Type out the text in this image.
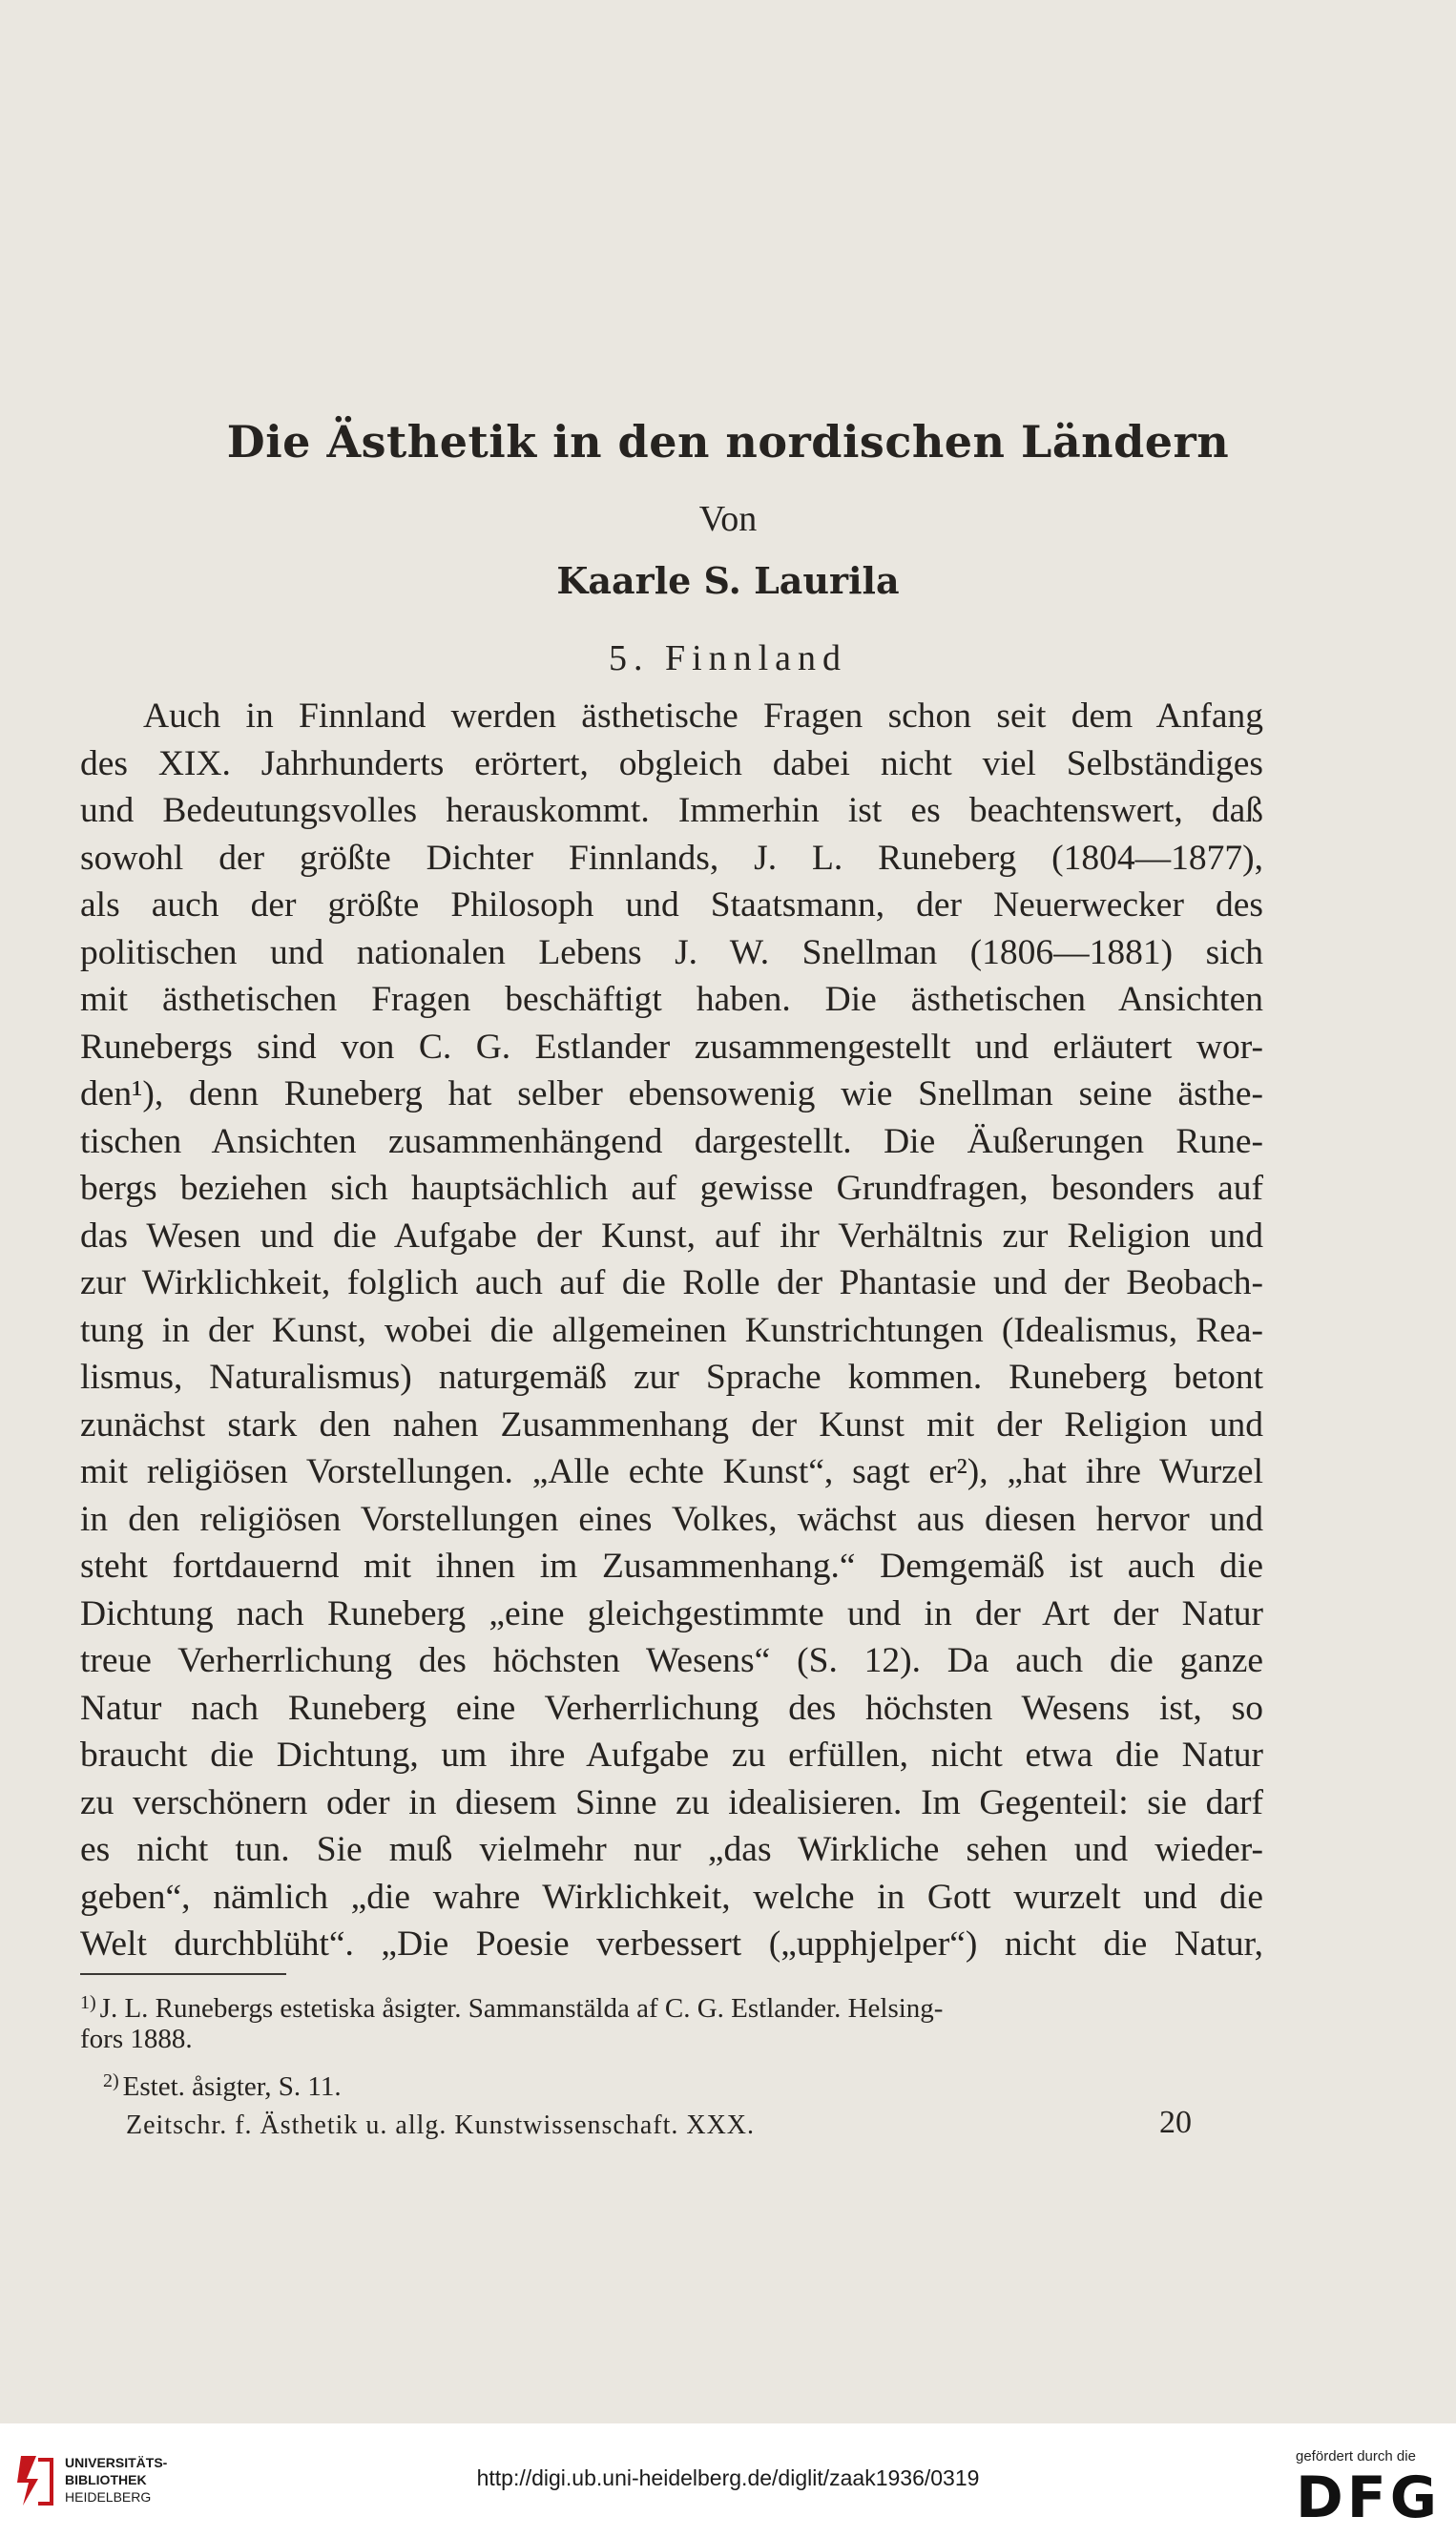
Die Ästhetik in den nordischen Ländern
Von
Kaarle S. Laurila
5. Finnland
Auch in Finnland werden ästhetische Fragen schon seit dem Anfang
des XIX. Jahrhunderts erörtert, obgleich dabei nicht viel Selbständiges
und Bedeutungsvolles herauskommt. Immerhin ist es beachtenswert, daß
sowohl der größte Dichter Finnlands, J. L. Runeberg (1804—1877),
als auch der größte Philosoph und Staatsmann, der Neuerwecker des
politischen und nationalen Lebens J. W. Snellman (1806—1881) sich
mit ästhetischen Fragen beschäftigt haben. Die ästhetischen Ansichten
Runebergs sind von C. G. Estlander zusammengestellt und erläutert wor-
den¹), denn Runeberg hat selber ebensowenig wie Snellman seine ästhe-
tischen Ansichten zusammenhängend dargestellt. Die Äußerungen Rune-
bergs beziehen sich hauptsächlich auf gewisse Grundfragen, besonders auf
das Wesen und die Aufgabe der Kunst, auf ihr Verhältnis zur Religion und
zur Wirklichkeit, folglich auch auf die Rolle der Phantasie und der Beobach-
tung in der Kunst, wobei die allgemeinen Kunstrichtungen (Idealismus, Rea-
lismus, Naturalismus) naturgemäß zur Sprache kommen. Runeberg betont
zunächst stark den nahen Zusammenhang der Kunst mit der Religion und
mit religiösen Vorstellungen. „Alle echte Kunst“, sagt er²), „hat ihre Wurzel
in den religiösen Vorstellungen eines Volkes, wächst aus diesen hervor und
steht fortdauernd mit ihnen im Zusammenhang.“ Demgemäß ist auch die
Dichtung nach Runeberg „eine gleichgestimmte und in der Art der Natur
treue Verherrlichung des höchsten Wesens“ (S. 12). Da auch die ganze
Natur nach Runeberg eine Verherrlichung des höchsten Wesens ist, so
braucht die Dichtung, um ihre Aufgabe zu erfüllen, nicht etwa die Natur
zu verschönern oder in diesem Sinne zu idealisieren. Im Gegenteil: sie darf
es nicht tun. Sie muß vielmehr nur „das Wirkliche sehen und wieder-
geben“, nämlich „die wahre Wirklichkeit, welche in Gott wurzelt und die
Welt durchblüht“. „Die Poesie verbessert („upphjelper“) nicht die Natur,
$^{1)}$ J. L. Runebergs estetiska åsigter. Sammanstälda af C. G. Estlander. Helsing-
fors 1888.
$^{2)}$ Estet. åsigter, S. 11.
Zeitschr. f. Ästhetik u. allg. Kunstwissenschaft. XXX.	20
UNIVERSITÄTS-
BIBLIOTHEK
HEIDELBERG
http://digi.ub.uni-heidelberg.de/diglit/zaak1936/0319
gefördert durch die
DFG
